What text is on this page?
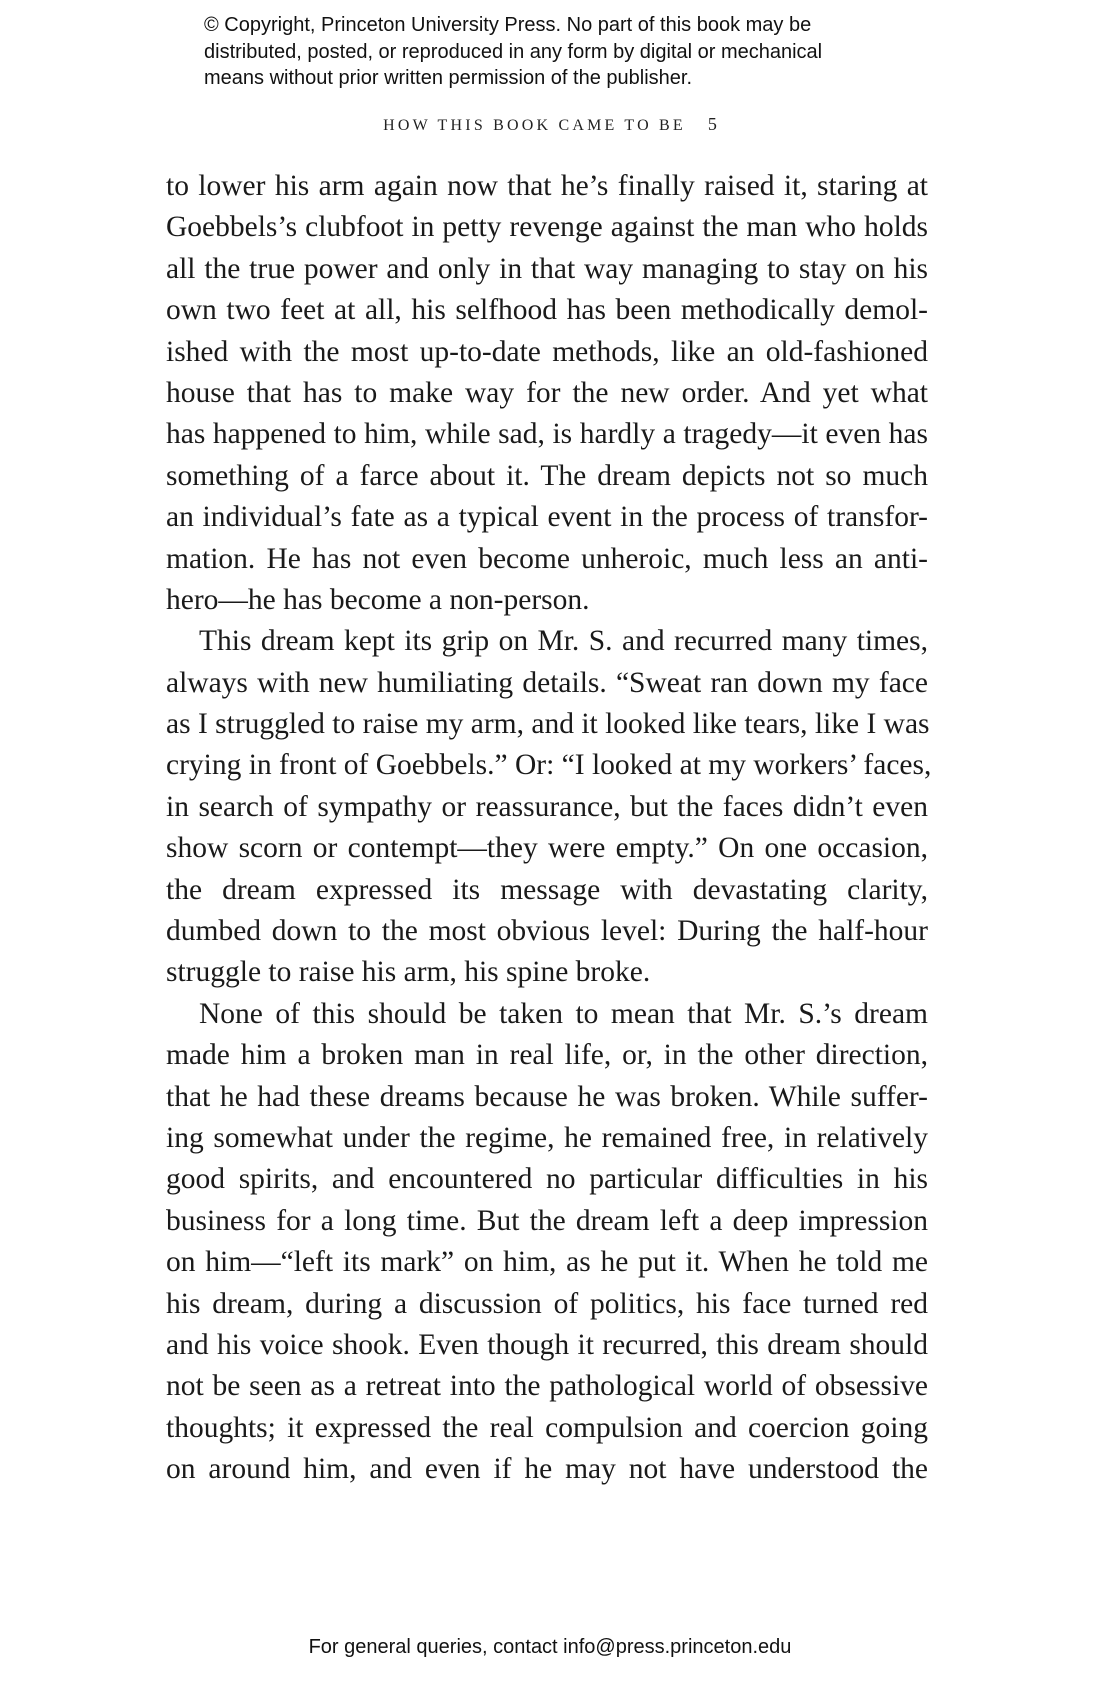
© Copyright, Princeton University Press. No part of this book may be
distributed, posted, or reproduced in any form by digital or mechanical
means without prior written permission of the publisher.
HOW THIS BOOK CAME TO BE 5
to lower his arm again now that he’s finally raised it, staring at
Goebbels’s clubfoot in petty revenge against the man who holds
all the true power and only in that way managing to stay on his
own two feet at all, his selfhood has been methodically demol-
ished with the most up-to-date methods, like an old-fashioned
house that has to make way for the new order. And yet what
has happened to him, while sad, is hardly a tragedy—it even has
something of a farce about it. The dream depicts not so much
an individual’s fate as a typical event in the process of transfor-
mation. He has not even become unheroic, much less an anti-
hero—he has become a non-person.
This dream kept its grip on Mr. S. and recurred many times,
always with new humiliating details. “Sweat ran down my face
as I struggled to raise my arm, and it looked like tears, like I was
crying in front of Goebbels.” Or: “I looked at my workers’ faces,
in search of sympathy or reassurance, but the faces didn’t even
show scorn or contempt—they were empty.” On one occasion,
the dream expressed its message with devastating clarity,
dumbed down to the most obvious level: During the half-hour
struggle to raise his arm, his spine broke.
None of this should be taken to mean that Mr. S.’s dream
made him a broken man in real life, or, in the other direction,
that he had these dreams because he was broken. While suffer-
ing somewhat under the regime, he remained free, in relatively
good spirits, and encountered no particular difficulties in his
business for a long time. But the dream left a deep impression
on him—“left its mark” on him, as he put it. When he told me
his dream, during a discussion of politics, his face turned red
and his voice shook. Even though it recurred, this dream should
not be seen as a retreat into the pathological world of obsessive
thoughts; it expressed the real compulsion and coercion going
on around him, and even if he may not have understood the
For general queries, contact info@press.princeton.edu
